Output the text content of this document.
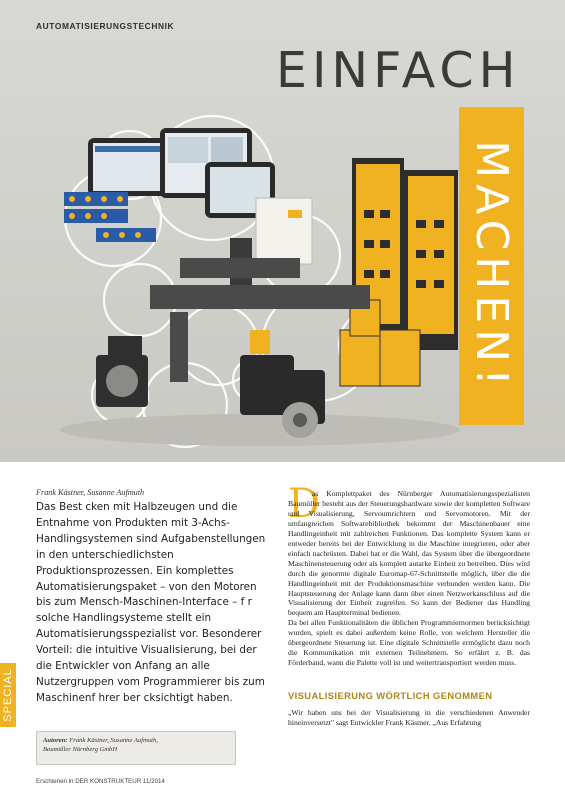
AUTOMATISIERUNGSTECHNIK
EINFACH
MACHEN!
Frank Kästner, Susanne Aufmuth

Das Best cken mit Halbzeugen und die Entnahme von Produkten mit 3-Achs-Handlingsystemen sind Aufgabenstellungen in den unterschiedlichsten Produktionsprozessen. Ein komplettes Automatisierungspaket – von den Motoren bis zum Mensch-Maschinen-Interface – f r solche Handlingsysteme stellt ein Automatisierungsspezialist vor. Besonderer Vorteil: die intuitive Visualisierung, bei der die Entwickler von Anfang an alle Nutzergruppen vom Programmierer bis zum Maschinenf hrer ber cksichtigt haben.

SPECIAL
Autoren: Frank Kästner, Susanne Aufmuth,
Baumüller Nürnberg GmbH
Erschienen in DER KONSTRUKTEUR 11/2014
D

as Komplettpaket des Nürnberger Automatisierungsspezialisten Baumüller besteht aus der Steuerungshardware sowie der kompletten Software und Visualisierung, Servoumrichtern und Servomotoren. Mit der umfangreichen Softwarebibliothek bekommt der Maschinenbauer eine Handlingeinheit mit zahlreichen Funktionen. Das komplette System kann er entweder bereits bei der Entwicklung in die Maschine integrieren, oder aber einfach nachrüsten. Dabei hat er die Wahl, das System über die übergeordnete Maschinensteuerung oder als komplett autarke Einheit zu betreiben. Dies wird durch die genormte digitale Euromap-67-Schnittstelle möglich, über die die Handlingeinheit mit der Produktionsmaschine verbunden werden kann. Die Hauptsteuerung der Anlage kann dann über einen Netzwerkanschluss auf die Visualisierung der Einheit zugreifen. So kann der Bediener das Handling bequem am Hauptterminal bedienen.

Da bei allen Funktionalitäten die üblichen Programmiernormen berücksichtigt wurden, spielt es dabei außerdem keine Rolle, von welchem Hersteller die übergeordnete Steuerung ist. Eine digitale Schnittstelle ermöglicht dazu noch die Kommunikation mit externen Teilnehmern. So erfährt z. B. das Förderband, wann die Palette voll ist und weitertransportiert werden muss.

VISUALISIERUNG WÖRTLICH GENOMMEN

„Wir haben uns bei der Visualisierung in die verschiedenen Anwender hineinversetzt" sagt Entwickler Frank Kästner. „Aus Erfahrung
